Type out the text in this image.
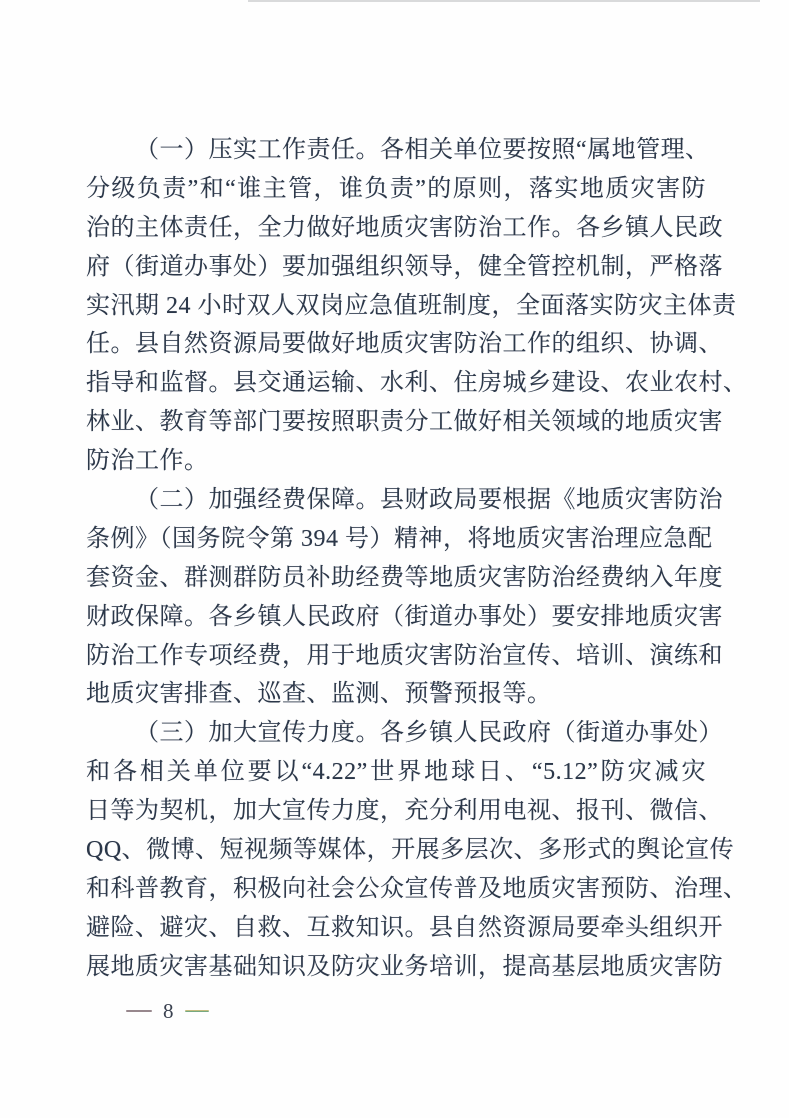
（一）压实工作责任。各相关单位要按照“属地管理、
分级负责”和“谁主管，谁负责”的原则，落实地质灾害防
治的主体责任，全力做好地质灾害防治工作。各乡镇人民政
府（街道办事处）要加强组织领导，健全管控机制，严格落
实汛期 24 小时双人双岗应急值班制度，全面落实防灾主体责
任。县自然资源局要做好地质灾害防治工作的组织、协调、
指导和监督。县交通运输、水利、住房城乡建设、农业农村、
林业、教育等部门要按照职责分工做好相关领域的地质灾害
防治工作。
（二）加强经费保障。县财政局要根据《地质灾害防治
条例》（国务院令第 394 号）精神，将地质灾害治理应急配
套资金、群测群防员补助经费等地质灾害防治经费纳入年度
财政保障。各乡镇人民政府（街道办事处）要安排地质灾害
防治工作专项经费，用于地质灾害防治宣传、培训、演练和
地质灾害排查、巡查、监测、预警预报等。
（三）加大宣传力度。各乡镇人民政府（街道办事处）
和各相关单位要以“4.22”世界地球日、“5.12”防灾减灾
日等为契机，加大宣传力度，充分利用电视、报刊、微信、
QQ、微博、短视频等媒体，开展多层次、多形式的舆论宣传
和科普教育，积极向社会公众宣传普及地质灾害预防、治理、
避险、避灾、自救、互救知识。县自然资源局要牵头组织开
展地质灾害基础知识及防灾业务培训，提高基层地质灾害防
8
